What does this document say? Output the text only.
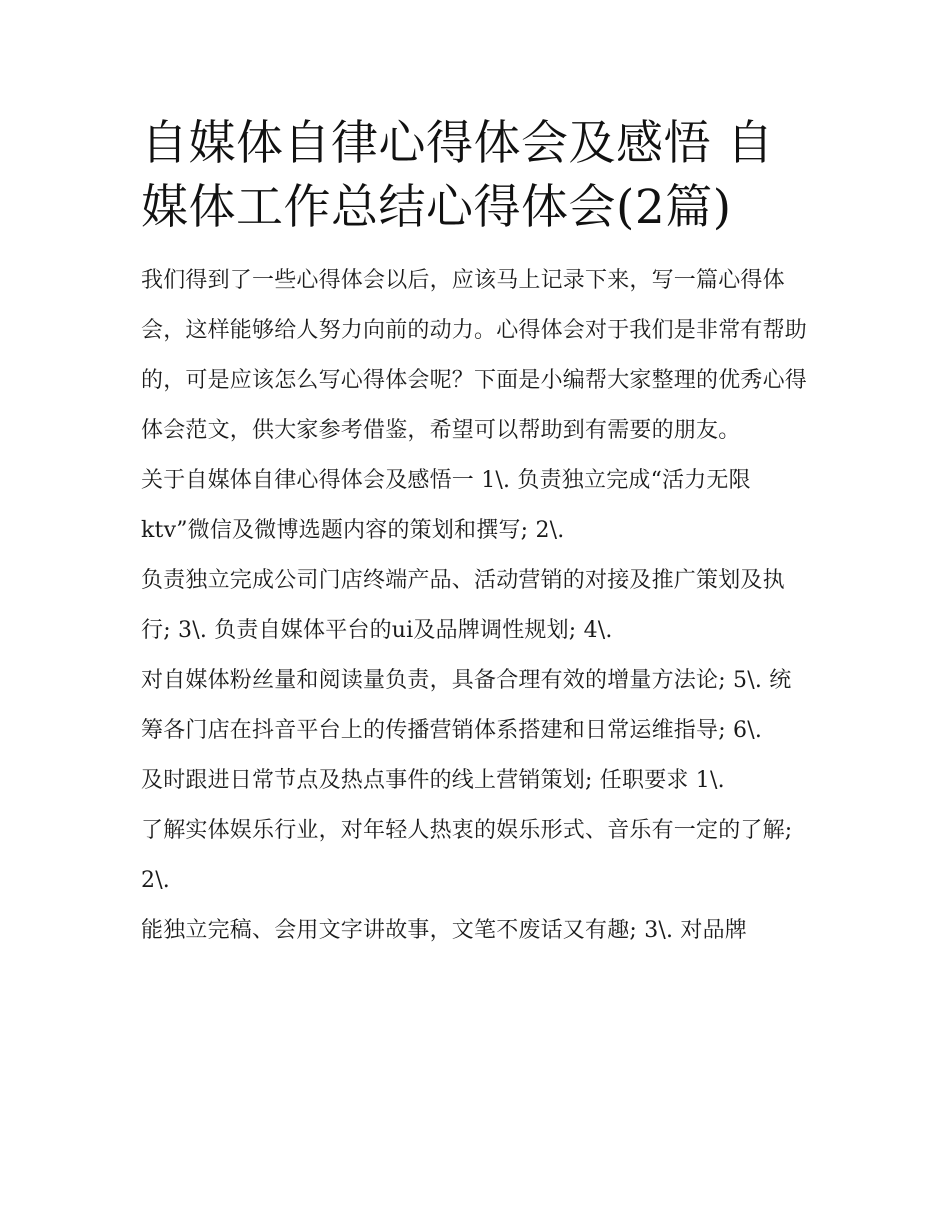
自媒体自律心得体会及感悟 自媒体工作总结心得体会(2篇)

我们得到了一些心得体会以后，应该马上记录下来，写一篇心得体会，这样能够给人努力向前的动力。心得体会对于我们是非常有帮助的，可是应该怎么写心得体会呢？下面是小编帮大家整理的优秀心得体会范文，供大家参考借鉴，希望可以帮助到有需要的朋友。

关于自媒体自律心得体会及感悟一 1\. 负责独立完成“活力无限ktv”微信及微博选题内容的策划和撰写; 2\.

负责独立完成公司门店终端产品、活动营销的对接及推广策划及执行; 3\. 负责自媒体平台的ui及品牌调性规划; 4\.

对自媒体粉丝量和阅读量负责，具备合理有效的增量方法论; 5\. 统筹各门店在抖音平台上的传播营销体系搭建和日常运维指导; 6\.

及时跟进日常节点及热点事件的线上营销策划; 任职要求 1\.

了解实体娱乐行业，对年轻人热衷的娱乐形式、音乐有一定的了解; 2\.

能独立完稿、会用文字讲故事，文笔不废话又有趣; 3\. 对品牌
